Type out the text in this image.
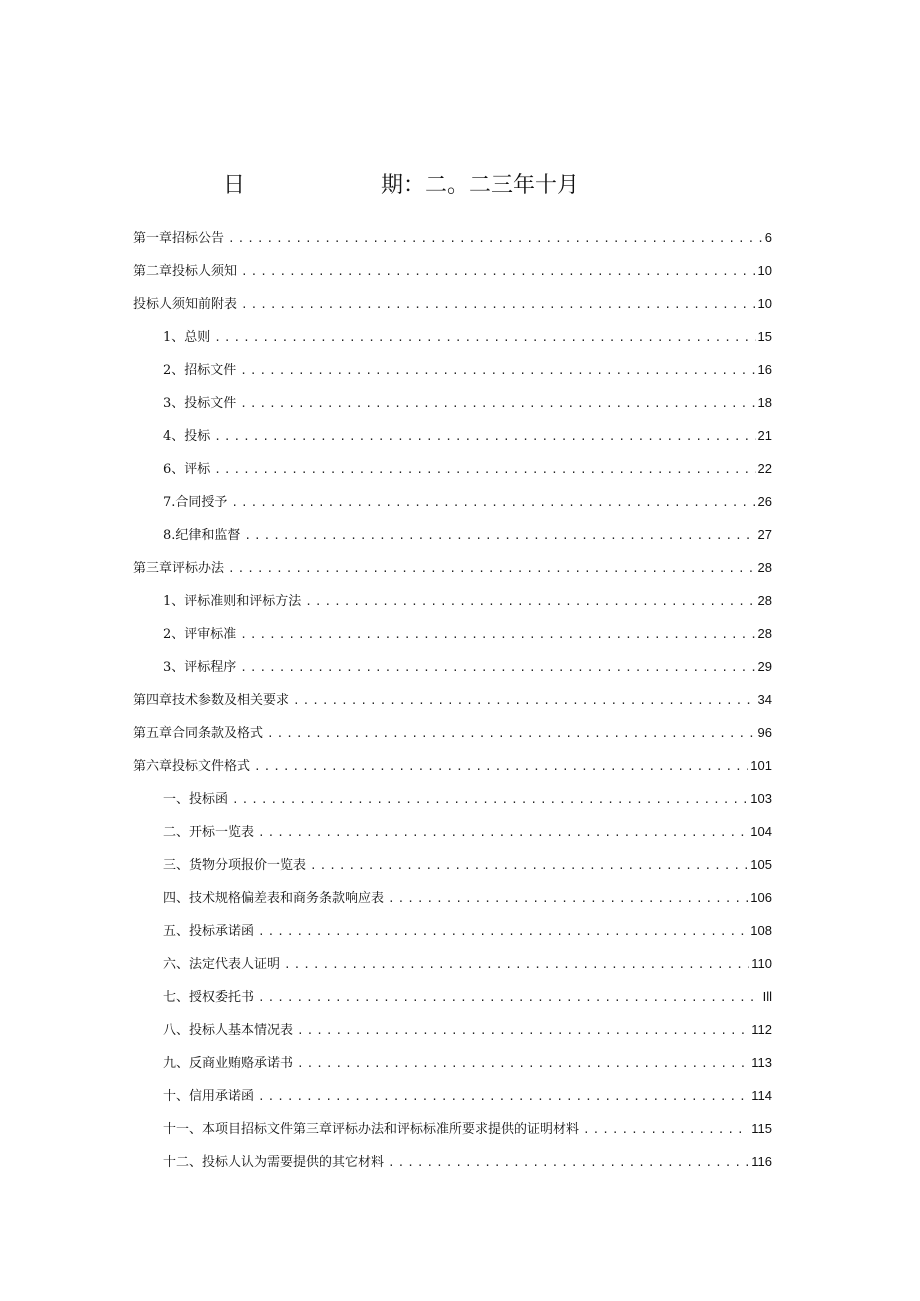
日	期：二。二三年十月
第一章招标公告 .....	6
第二章投标人须知 .....	10
投标人须知前附表 .....	10
1、总则 .....	15
2、招标文件 .....	16
3、投标文件 .....	18
4、投标 .....	21
6、评标 .....	22
7.合同授予 .....	26
8.纪律和监督 .....	27
第三章评标办法 .....	28
1、评标准则和评标方法 .....	28
2、评审标准 .....	28
3、评标程序 .....	29
第四章技术参数及相关要求 .....	34
第五章合同条款及格式 .....	96
第六章投标文件格式 .....	101
一、投标函 .....	103
二、开标一览表 .....	104
三、货物分项报价一览表 .....	105
四、技术规格偏差表和商务条款响应表 .....	106
五、投标承诺函 .....	108
六、法定代表人证明 .....	110
七、授权委托书 .....	Ill
八、投标人基本情况表 .....	112
九、反商业贿赂承诺书 .....	113
十、信用承诺函 .....	114
十一、本项目招标文件第三章评标办法和评标标准所要求提供的证明材料 .....	115
十二、投标人认为需要提供的其它材料 .....	116
